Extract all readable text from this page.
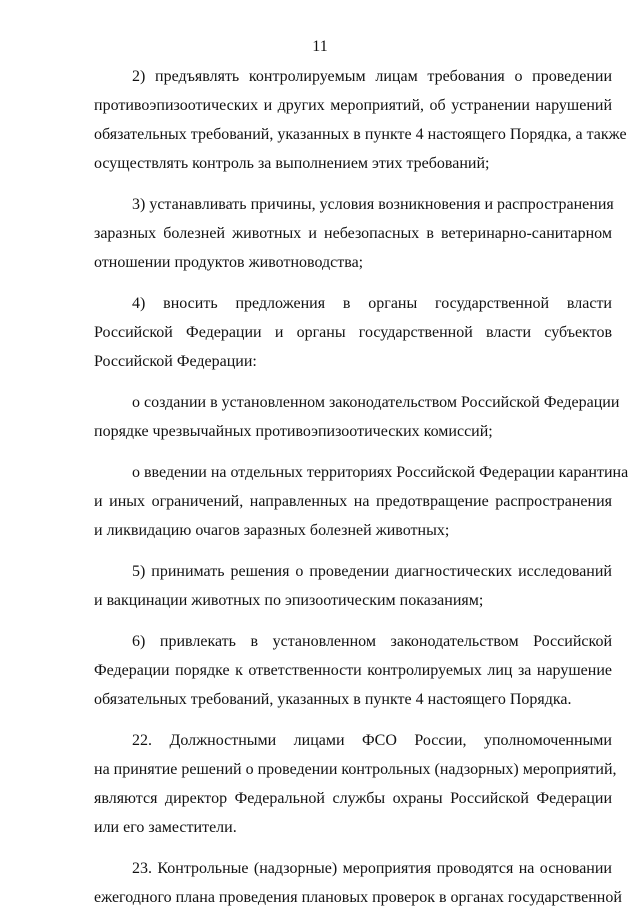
11
2) предъявлять контролируемым лицам требования о проведении
противоэпизоотических и других мероприятий, об устранении нарушений
обязательных требований, указанных в пункте 4 настоящего Порядка, а также
осуществлять контроль за выполнением этих требований;
3) устанавливать причины, условия возникновения и распространения
заразных болезней животных и небезопасных в ветеринарно-санитарном
отношении продуктов животноводства;
4) вносить предложения в органы государственной власти
Российской Федерации и органы государственной власти субъектов
Российской Федерации:
о создании в установленном законодательством Российской Федерации
порядке чрезвычайных противоэпизоотических комиссий;
о введении на отдельных территориях Российской Федерации карантина
и иных ограничений, направленных на предотвращение распространения
и ликвидацию очагов заразных болезней животных;
5) принимать решения о проведении диагностических исследований
и вакцинации животных по эпизоотическим показаниям;
6) привлекать в установленном законодательством Российской
Федерации порядке к ответственности контролируемых лиц за нарушение
обязательных требований, указанных в пункте 4 настоящего Порядка.
22. Должностными лицами ФСО России, уполномоченными
на принятие решений о проведении контрольных (надзорных) мероприятий,
являются директор Федеральной службы охраны Российской Федерации
или его заместители.
23. Контрольные (надзорные) мероприятия проводятся на основании
ежегодного плана проведения плановых проверок в органах государственной
